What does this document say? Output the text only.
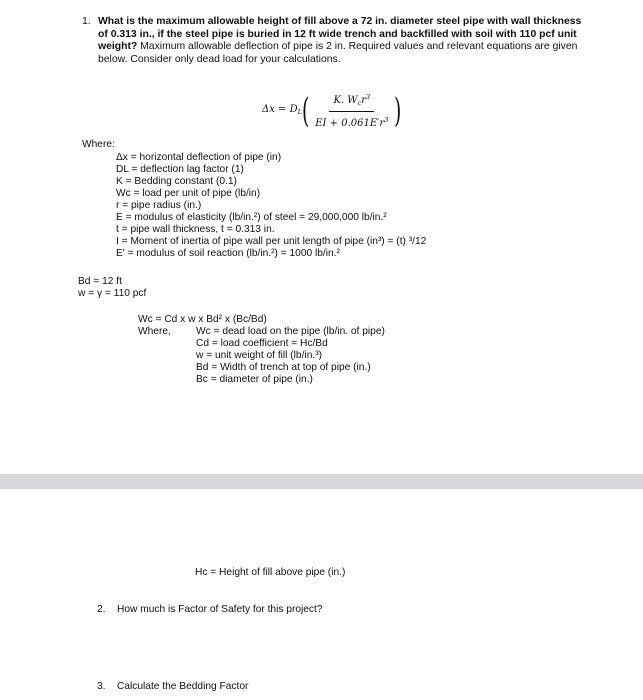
1. What is the maximum allowable height of fill above a 72 in. diameter steel pipe with wall thickness of 0.313 in., if the steel pipe is buried in 12 ft wide trench and backfilled with soil with 110 pcf unit weight? Maximum allowable deflection of pipe is 2 in. Required values and relevant equations are given below. Consider only dead load for your calculations.
$\Delta x = D_L$ ( $\frac{K. W_cr^3}{EI + 0.061E'r^3}$ )
Where:
Δx = horizontal deflection of pipe (in)
DL = deflection lag factor (1)
K = Bedding constant (0.1)
Wc = load per unit of pipe (lb/in)
r = pipe radius (in.)
E = modulus of elasticity (lb/in.²) of steel = 29,000,000 lb/in.²
t = pipe wall thickness, t = 0.313 in.
I = Moment of inertia of pipe wall per unit length of pipe (in³) = (t) ³/12
E' = modulus of soil reaction (lb/in.²) = 1000 lb/in.²
Bd = 12 ft
w = γ = 110 pcf
Wc = Cd x w x Bd² x (Bc/Bd)
Where, Wc = dead load on the pipe (lb/in. of pipe)
Cd = load coefficient = Hc/Bd
w = unit weight of fill (lb/in.³)
Bd = Width of trench at top of pipe (in.)
Bc = diameter of pipe (in.)
Hc = Height of fill above pipe (in.)
2. How much is Factor of Safety for this project?
3. Calculate the Bedding Factor
